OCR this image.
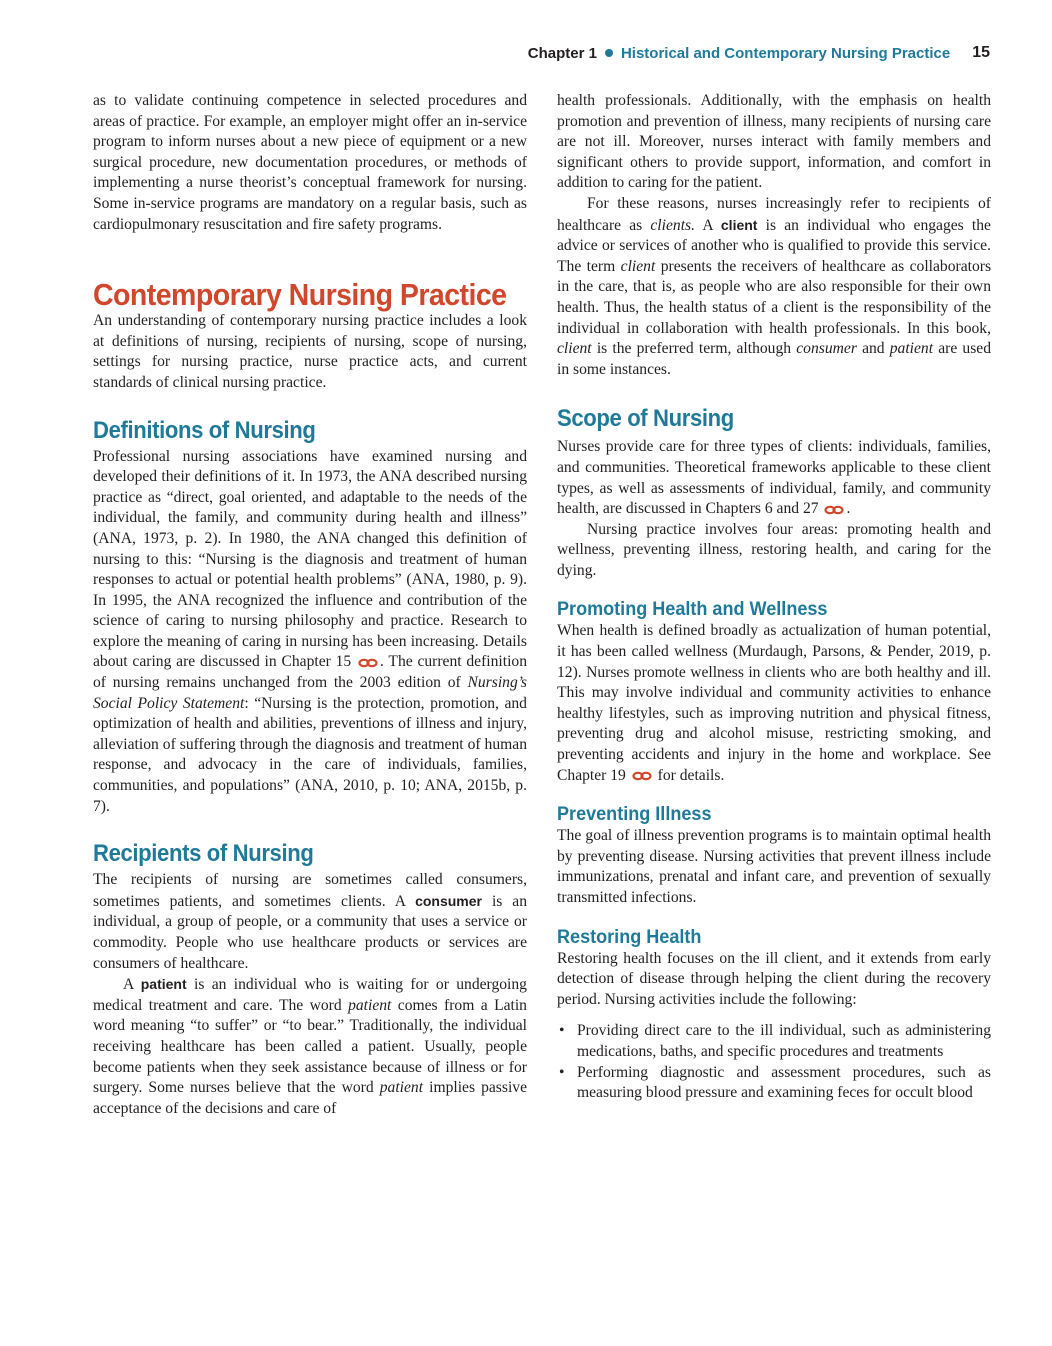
Chapter 1 Historical and Contemporary Nursing Practice 15

as to validate continuing competence in selected procedures and areas of practice. For example, an employer might offer an in-service program to inform nurses about a new piece of equipment or a new surgical procedure, new documentation procedures, or methods of implementing a nurse theorist’s conceptual framework for nursing. Some in-service programs are mandatory on a regular basis, such as cardiopulmonary resuscitation and fire safety programs.

Contemporary Nursing Practice

An understanding of contemporary nursing practice includes a look at definitions of nursing, recipients of nursing, scope of nursing, settings for nursing practice, nurse practice acts, and current standards of clinical nursing practice.

Definitions of Nursing

Professional nursing associations have examined nursing and developed their definitions of it. In 1973, the ANA described nursing practice as “direct, goal oriented, and adaptable to the needs of the individual, the family, and community during health and illness” (ANA, 1973, p. 2). In 1980, the ANA changed this definition of nursing to this: “Nursing is the diagnosis and treatment of human responses to actual or potential health problems” (ANA, 1980, p. 9). In 1995, the ANA recognized the influence and contribution of the science of caring to nursing philosophy and practice. Research to explore the meaning of caring in nursing has been increasing. Details about caring are discussed in Chapter 15 . The current definition of nursing remains unchanged from the 2003 edition of Nursing’s Social Policy Statement: “Nursing is the protection, promotion, and optimization of health and abilities, preventions of illness and injury, alleviation of suffering through the diagnosis and treatment of human response, and advocacy in the care of individuals, families, communities, and populations” (ANA, 2010, p. 10; ANA, 2015b, p. 7).

Recipients of Nursing

The recipients of nursing are sometimes called consumers, sometimes patients, and sometimes clients. A consumer is an individual, a group of people, or a community that uses a service or commodity. People who use healthcare products or services are consumers of healthcare.

A patient is an individual who is waiting for or undergoing medical treatment and care. The word patient comes from a Latin word meaning “to suffer” or “to bear.” Traditionally, the individual receiving healthcare has been called a patient. Usually, people become patients when they seek assistance because of illness or for surgery. Some nurses believe that the word patient implies passive acceptance of the decisions and care of

health professionals. Additionally, with the emphasis on health promotion and prevention of illness, many recipients of nursing care are not ill. Moreover, nurses interact with family members and significant others to provide support, information, and comfort in addition to caring for the patient.

For these reasons, nurses increasingly refer to recipients of healthcare as clients. A client is an individual who engages the advice or services of another who is qualified to provide this service. The term client presents the receivers of healthcare as collaborators in the care, that is, as people who are also responsible for their own health. Thus, the health status of a client is the responsibility of the individual in collaboration with health professionals. In this book, client is the preferred term, although consumer and patient are used in some instances.

Scope of Nursing

Nurses provide care for three types of clients: individuals, families, and communities. Theoretical frameworks applicable to these client types, as well as assessments of individual, family, and community health, are discussed in Chapters 6 and 27 .

Nursing practice involves four areas: promoting health and wellness, preventing illness, restoring health, and caring for the dying.

Promoting Health and Wellness

When health is defined broadly as actualization of human potential, it has been called wellness (Murdaugh, Parsons, & Pender, 2019, p. 12). Nurses promote wellness in clients who are both healthy and ill. This may involve individual and community activities to enhance healthy lifestyles, such as improving nutrition and physical fitness, preventing drug and alcohol misuse, restricting smoking, and preventing accidents and injury in the home and workplace. See Chapter 19 for details.

Preventing Illness

The goal of illness prevention programs is to maintain optimal health by preventing disease. Nursing activities that prevent illness include immunizations, prenatal and infant care, and prevention of sexually transmitted infections.

Restoring Health

Restoring health focuses on the ill client, and it extends from early detection of disease through helping the client during the recovery period. Nursing activities include the following:

• Providing direct care to the ill individual, such as administering medications, baths, and specific procedures and treatments
• Performing diagnostic and assessment procedures, such as measuring blood pressure and examining feces for occult blood
